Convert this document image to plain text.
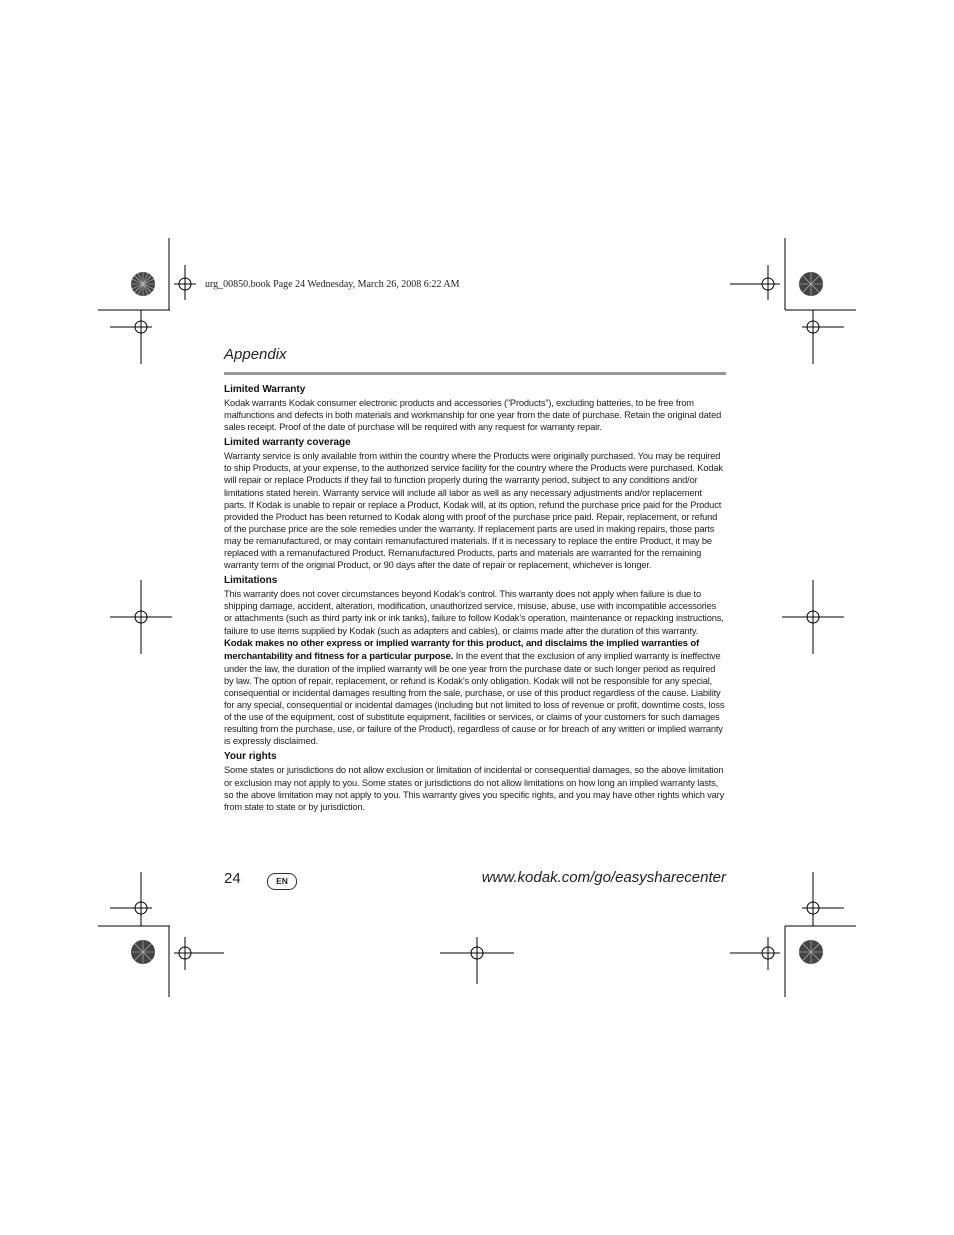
urg_00850.book Page 24 Wednesday, March 26, 2008 6:22 AM
Appendix
Limited Warranty

Kodak warrants Kodak consumer electronic products and accessories (”Products”), excluding batteries, to be free from malfunctions and defects in both materials and workmanship for one year from the date of purchase. Retain the original dated sales receipt. Proof of the date of purchase will be required with any request for warranty repair.

Limited warranty coverage

Warranty service is only available from within the country where the Products were originally purchased. You may be required to ship Products, at your expense, to the authorized service facility for the country where the Products were purchased. Kodak will repair or replace Products if they fail to function properly during the warranty period, subject to any conditions and/or limitations stated herein. Warranty service will include all labor as well as any necessary adjustments and/or replacement parts. If Kodak is unable to repair or replace a Product, Kodak will, at its option, refund the purchase price paid for the Product provided the Product has been returned to Kodak along with proof of the purchase price paid. Repair, replacement, or refund of the purchase price are the sole remedies under the warranty. If replacement parts are used in making repairs, those parts may be remanufactured, or may contain remanufactured materials. If it is necessary to replace the entire Product, it may be replaced with a remanufactured Product. Remanufactured Products, parts and materials are warranted for the remaining warranty term of the original Product, or 90 days after the date of repair or replacement, whichever is longer.

Limitations

This warranty does not cover circumstances beyond Kodak’s control. This warranty does not apply when failure is due to shipping damage, accident, alteration, modification, unauthorized service, misuse, abuse, use with incompatible accessories or attachments (such as third party ink or ink tanks), failure to follow Kodak’s operation, maintenance or repacking instructions, failure to use items supplied by Kodak (such as adapters and cables), or claims made after the duration of this warranty. Kodak makes no other express or implied warranty for this product, and disclaims the implied warranties of merchantability and fitness for a particular purpose. In the event that the exclusion of any implied warranty is ineffective under the law, the duration of the implied warranty will be one year from the purchase date or such longer period as required by law. The option of repair, replacement, or refund is Kodak’s only obligation. Kodak will not be responsible for any special, consequential or incidental damages resulting from the sale, purchase, or use of this product regardless of the cause. Liability for any special, consequential or incidental damages (including but not limited to loss of revenue or profit, downtime costs, loss of the use of the equipment, cost of substitute equipment, facilities or services, or claims of your customers for such damages resulting from the purchase, use, or failure of the Product), regardless of cause or for breach of any written or implied warranty is expressly disclaimed.

Your rights

Some states or jurisdictions do not allow exclusion or limitation of incidental or consequential damages, so the above limitation or exclusion may not apply to you. Some states or jurisdictions do not allow limitations on how long an implied warranty lasts, so the above limitation may not apply to you. This warranty gives you specific rights, and you may have other rights which vary from state to state or by jurisdiction.

24	EN	www.kodak.com/go/easysharecenter
